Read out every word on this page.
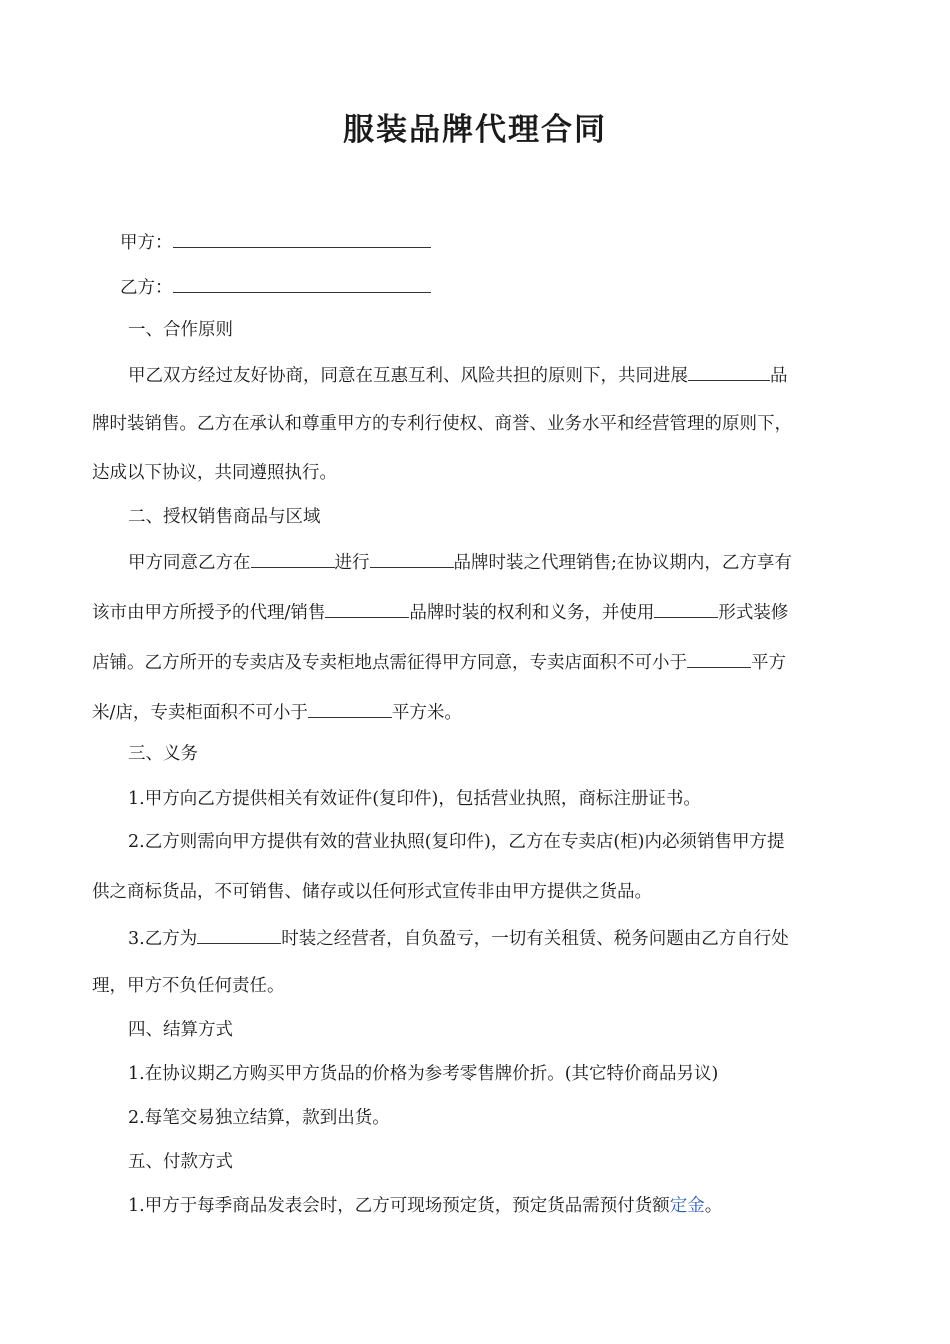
服装品牌代理合同

甲方：

乙方：

一、合作原则

甲乙双方经过友好协商，同意在互惠互利、风险共担的原则下，共同进展	品

牌时装销售。乙方在承认和尊重甲方的专利行使权、商誉、业务水平和经营管理的原则下，

达成以下协议，共同遵照执行。

二、授权销售商品与区域

甲方同意乙方在	进行	品牌时装之代理销售;在协议期内，乙方享有

该市由甲方所授予的代理/销售	品牌时装的权利和义务，并使用	形式装修

店铺。乙方所开的专卖店及专卖柜地点需征得甲方同意，专卖店面积不可小于	平方

米/店，专卖柜面积不可小于	平方米。

三、义务

1.甲方向乙方提供相关有效证件(复印件)，包括营业执照，商标注册证书。

2.乙方则需向甲方提供有效的营业执照(复印件)，乙方在专卖店(柜)内必须销售甲方提

供之商标货品，不可销售、储存或以任何形式宣传非由甲方提供之货品。

3.乙方为	时装之经营者，自负盈亏，一切有关租赁、税务问题由乙方自行处

理，甲方不负任何责任。

四、结算方式

1.在协议期乙方购买甲方货品的价格为参考零售牌价折。(其它特价商品另议)

2.每笔交易独立结算，款到出货。

五、付款方式

1.甲方于每季商品发表会时，乙方可现场预定货，预定货品需预付货额定金。
